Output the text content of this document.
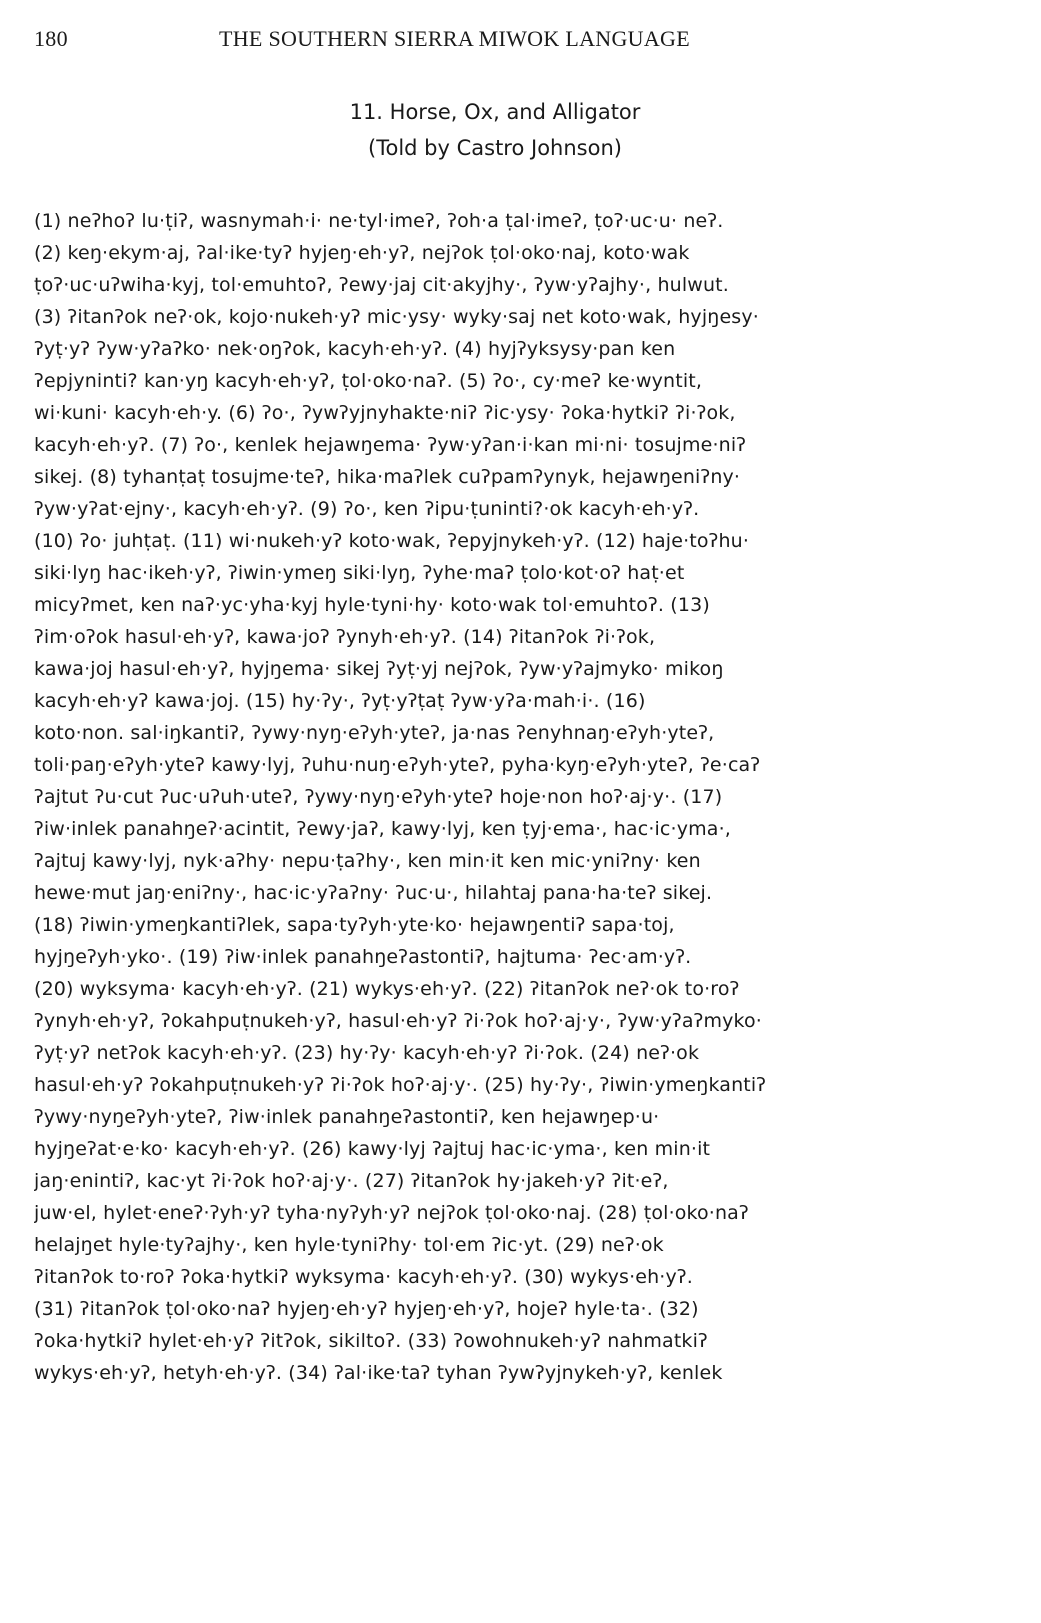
180	THE SOUTHERN SIERRA MIWOK LANGUAGE
11. Horse, Ox, and Alligator
(Told by Castro Johnson)
(1) neʔhoʔ lu·ṭiʔ, wasnymah·i· ne·tyl·imeʔ, ʔoh·a ṭal·imeʔ, ṭoʔ·uc·u· neʔ.
(2) keŋ·ekym·aj, ʔal·ike·tyʔ hyjeŋ·eh·yʔ, nejʔok ṭol·oko·naj, koto·wak
ṭoʔ·uc·uʔwiha·kyj, tol·emuhtoʔ, ʔewy·jaj cit·akyjhy·, ʔyw·yʔajhy·, hulwut.
(3) ʔitanʔok neʔ·ok, kojo·nukeh·yʔ mic·ysy· wyky·saj net koto·wak, hyjŋesy·
ʔyṭ·yʔ ʔyw·yʔaʔko· nek·oŋʔok, kacyh·eh·yʔ. (4) hyjʔyksysy·pan ken
ʔepjyninti? kan·yŋ kacyh·eh·yʔ, ṭol·oko·naʔ. (5) ʔo·, cy·meʔ ke·wyntit,
wi·kuni· kacyh·eh·y. (6) ʔo·, ʔywʔyjnyhakte·niʔ ʔic·ysy· ʔoka·hytkiʔ ʔi·ʔok,
kacyh·eh·yʔ. (7) ʔo·, kenlek hejawŋema· ʔyw·yʔan·i·kan mi·ni· tosujme·niʔ
sikej. (8) tyhanṭaṭ tosujme·teʔ, hika·maʔlek cuʔpamʔynyk, hejawŋeniʔny·
ʔyw·yʔat·ejny·, kacyh·eh·yʔ. (9) ʔo·, ken ʔipu·ṭuninti?·ok kacyh·eh·yʔ.
(10) ʔo· juhṭaṭ. (11) wi·nukeh·yʔ koto·wak, ʔepyjnykeh·yʔ. (12) haje·toʔhu·
siki·lyŋ hac·ikeh·yʔ, ʔiwin·ymeŋ siki·lyŋ, ʔyhe·maʔ ṭolo·kot·oʔ haṭ·et
micyʔmet, ken naʔ·yc·yha·kyj hyle·tyni·hy· koto·wak tol·emuhtoʔ. (13)
ʔim·oʔok hasul·eh·yʔ, kawa·joʔ ʔynyh·eh·yʔ. (14) ʔitanʔok ʔi·ʔok,
kawa·joj hasul·eh·yʔ, hyjŋema· sikej ʔyṭ·yj nejʔok, ʔyw·yʔajmyko· mikoŋ
kacyh·eh·yʔ kawa·joj. (15) hy·ʔy·, ʔyṭ·yʔṭaṭ ʔyw·yʔa·mah·i·. (16)
koto·non. sal·iŋkantiʔ, ʔywy·nyŋ·eʔyh·yteʔ, ja·nas ʔenyhnaŋ·eʔyh·yteʔ,
toli·paŋ·eʔyh·yteʔ kawy·lyj, ʔuhu·nuŋ·eʔyh·yteʔ, pyha·kyŋ·eʔyh·yteʔ, ʔe·caʔ
ʔajtut ʔu·cut ʔuc·uʔuh·uteʔ, ʔywy·nyŋ·eʔyh·yteʔ hoje·non hoʔ·aj·y·. (17)
ʔiw·inlek panahŋeʔ·acintit, ʔewy·jaʔ, kawy·lyj, ken ṭyj·ema·, hac·ic·yma·,
ʔajtuj kawy·lyj, nyk·aʔhy· nepu·ṭaʔhy·, ken min·it ken mic·yniʔny· ken
hewe·mut jaŋ·eniʔny·, hac·ic·yʔaʔny· ʔuc·u·, hilahtaj pana·ha·teʔ sikej.
(18) ʔiwin·ymeŋkantiʔlek, sapa·tyʔyh·yte·ko· hejawŋentiʔ sapa·toj,
hyjŋeʔyh·yko·. (19) ʔiw·inlek panahŋeʔastontiʔ, hajtuma· ʔec·am·yʔ.
(20) wyksyma· kacyh·eh·yʔ. (21) wykys·eh·yʔ. (22) ʔitanʔok neʔ·ok to·roʔ
ʔynyh·eh·yʔ, ʔokahpuṭnukeh·yʔ, hasul·eh·yʔ ʔi·ʔok hoʔ·aj·y·, ʔyw·yʔaʔmyko·
ʔyṭ·yʔ netʔok kacyh·eh·yʔ. (23) hy·ʔy· kacyh·eh·yʔ ʔi·ʔok. (24) neʔ·ok
hasul·eh·yʔ ʔokahpuṭnukeh·yʔ ʔi·ʔok hoʔ·aj·y·. (25) hy·ʔy·, ʔiwin·ymeŋkantiʔ
ʔywy·nyŋeʔyh·yteʔ, ʔiw·inlek panahŋeʔastontiʔ, ken hejawŋep·u·
hyjŋeʔat·e·ko· kacyh·eh·yʔ. (26) kawy·lyj ʔajtuj hac·ic·yma·, ken min·it
jaŋ·enintiʔ, kac·yt ʔi·ʔok hoʔ·aj·y·. (27) ʔitanʔok hy·jakeh·yʔ ʔit·eʔ,
juw·el, hylet·eneʔ·ʔyh·yʔ tyha·nyʔyh·yʔ nejʔok ṭol·oko·naj. (28) ṭol·oko·naʔ
helajŋet hyle·tyʔajhy·, ken hyle·tyniʔhy· tol·em ʔic·yt. (29) neʔ·ok
ʔitanʔok to·roʔ ʔoka·hytkiʔ wyksyma· kacyh·eh·yʔ. (30) wykys·eh·yʔ.
(31) ʔitanʔok ṭol·oko·naʔ hyjeŋ·eh·yʔ hyjeŋ·eh·yʔ, hojeʔ hyle·ta·. (32)
ʔoka·hytkiʔ hylet·eh·yʔ ʔitʔok, sikiltoʔ. (33) ʔowohnukeh·yʔ nahmatkiʔ
wykys·eh·yʔ, hetyh·eh·yʔ. (34) ʔal·ike·taʔ tyhan ʔywʔyjnykeh·yʔ, kenlek
